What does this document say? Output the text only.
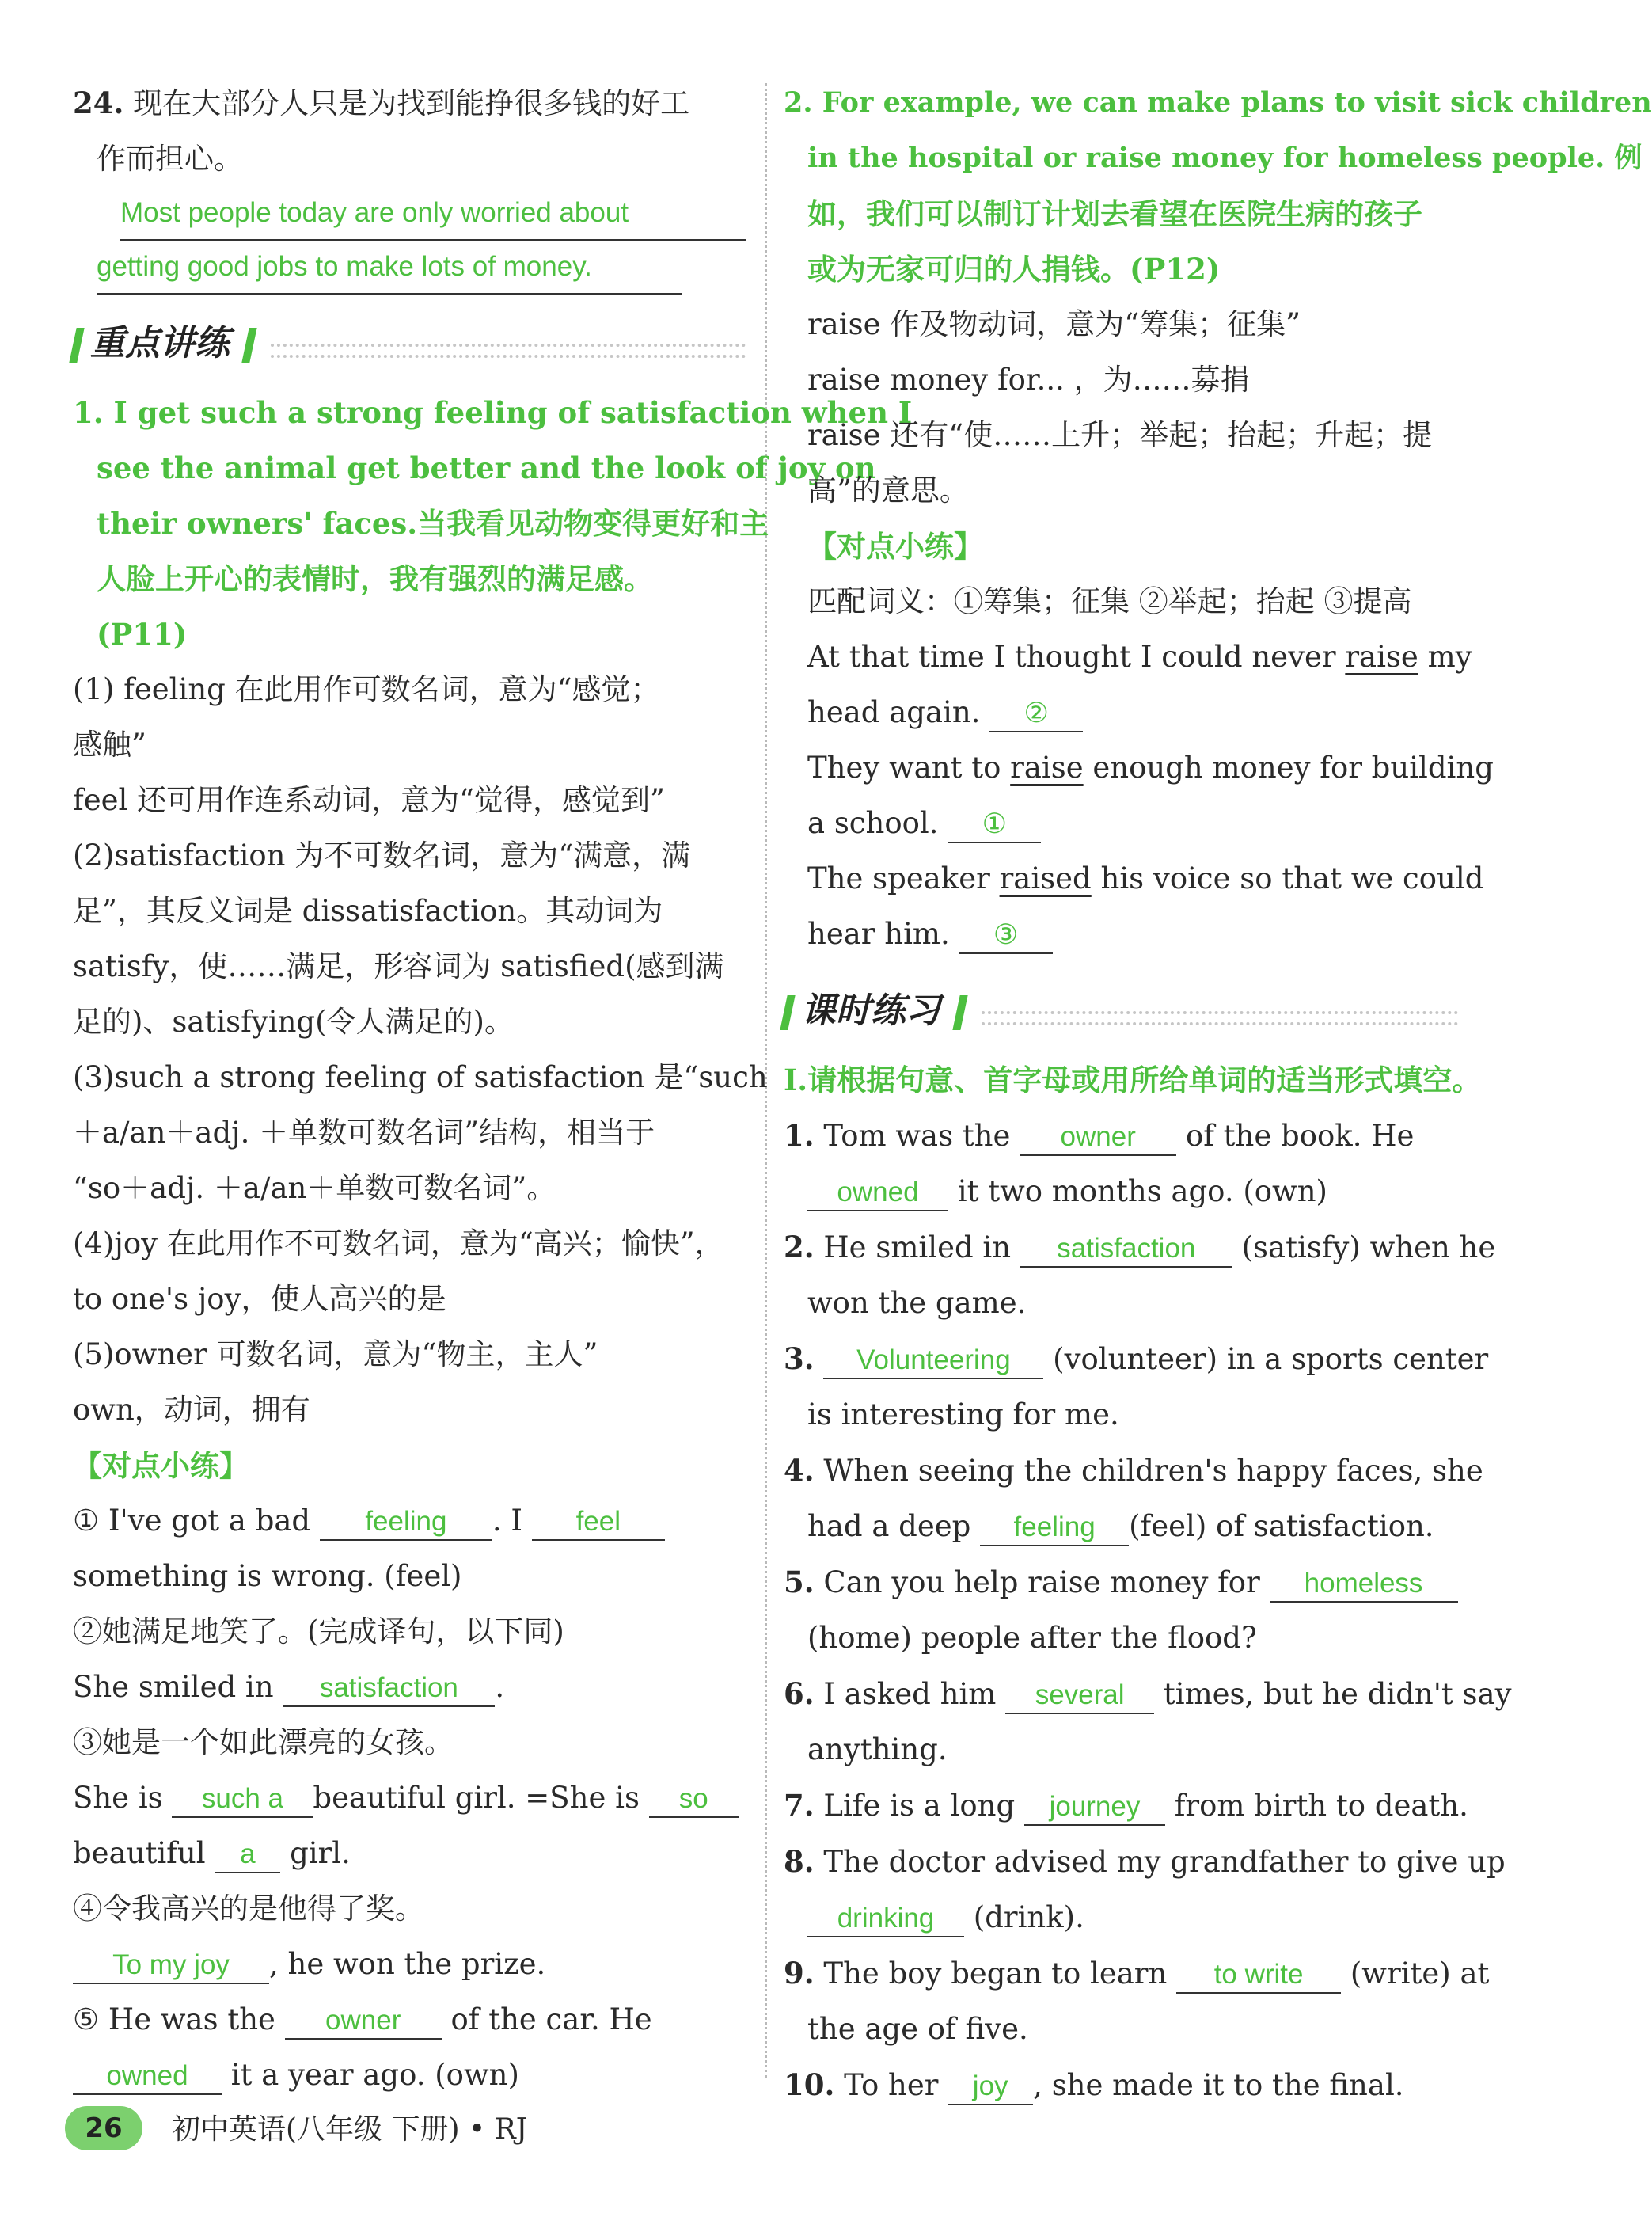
24. 现在大部分人只是为找到能挣很多钱的好工
作而担心。
Most people today are only worried about
getting good jobs to make lots of money.
重点讲练
1. I get such a strong feeling of satisfaction when I
see the animal get better and the look of joy on
their owners' faces.当我看见动物变得更好和主
人脸上开心的表情时，我有强烈的满足感。
(P11)
(1) feeling 在此用作可数名词，意为“感觉；
感触”
feel 还可用作连系动词，意为“觉得，感觉到”
(2)satisfaction 为不可数名词，意为“满意，满
足”，其反义词是 dissatisfaction。其动词为
satisfy，使……满足，形容词为 satisfied(感到满
足的)、satisfying(令人满足的)。
(3)such a strong feeling of satisfaction 是“such
＋a/an＋adj. ＋单数可数名词”结构，相当于
“so＋adj. ＋a/an＋单数可数名词”。
(4)joy 在此用作不可数名词，意为“高兴；愉快”，
to one's joy，使人高兴的是
(5)owner 可数名词，意为“物主，主人”
own，动词，拥有
【对点小练】
① I've got a bad feeling . I feel
something is wrong. (feel)
②她满足地笑了。(完成译句，以下同)
She smiled in satisfaction .
③她是一个如此漂亮的女孩。
She is such a beautiful girl. =She is so
beautiful a girl.
④令我高兴的是他得了奖。
To my joy , he won the prize.
⑤ He was the owner of the car. He
owned it a year ago. (own)
2. For example, we can make plans to visit sick children
in the hospital or raise money for homeless people. 例
如，我们可以制订计划去看望在医院生病的孩子
或为无家可归的人捐钱。(P12)
raise 作及物动词，意为“筹集；征集”
raise money for... ，为……募捐
raise 还有“使……上升；举起；抬起；升起；提
高”的意思。
【对点小练】
匹配词义：①筹集；征集 ②举起；抬起 ③提高
At that time I thought I could never raise my
head again. ②
They want to raise enough money for building
a school. ①
The speaker raised his voice so that we could
hear him. ③
课时练习
Ⅰ.请根据句意、首字母或用所给单词的适当形式填空。
1. Tom was the owner of the book. He
owned it two months ago. (own)
2. He smiled in satisfaction (satisfy) when he
won the game.
3. Volunteering (volunteer) in a sports center
is interesting for me.
4. When seeing the children's happy faces, she
had a deep feeling (feel) of satisfaction.
5. Can you help raise money for homeless
(home) people after the flood?
6. I asked him several times, but he didn't say
anything.
7. Life is a long journey from birth to death.
8. The doctor advised my grandfather to give up
drinking (drink).
9. The boy began to learn to write (write) at
the age of five.
10. To her joy , she made it to the final.
26	初中英语(八年级 下册) • RJ
